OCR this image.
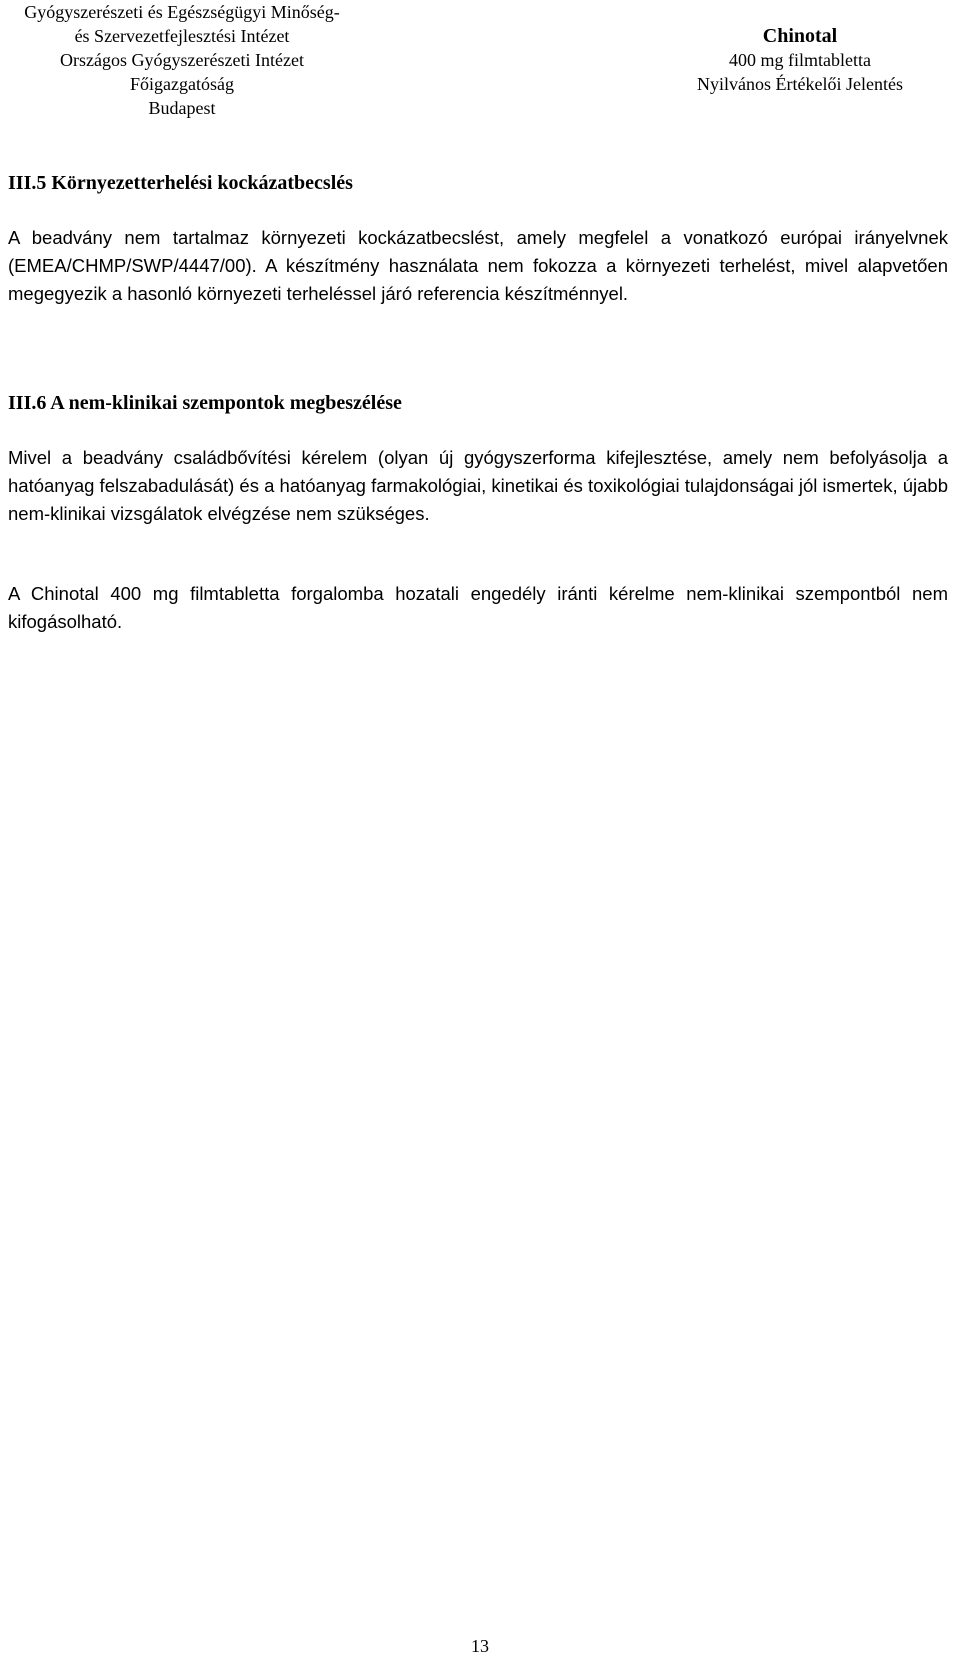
Gyógyszerészeti és Egészségügyi Minőség-
és Szervezetfejlesztési Intézet
Országos Gyógyszerészeti Intézet
Főigazgatóság
Budapest
Chinotal
400 mg filmtabletta
Nyilvános Értékelői Jelentés
III.5 Környezetterhelési kockázatbecslés
A beadvány nem tartalmaz környezeti kockázatbecslést, amely megfelel a vonatkozó európai irányelvnek (EMEA/CHMP/SWP/4447/00). A készítmény használata nem fokozza a környezeti terhelést, mivel alapvetően megegyezik a hasonló környezeti terheléssel járó referencia készítménnyel.
III.6 A nem-klinikai szempontok megbeszélése
Mivel a beadvány családbővítési kérelem (olyan új gyógyszerforma kifejlesztése, amely nem befolyásolja a hatóanyag felszabadulását) és a hatóanyag farmakológiai, kinetikai és toxikológiai tulajdonságai jól ismertek, újabb nem-klinikai vizsgálatok elvégzése nem szükséges.
A Chinotal 400 mg filmtabletta forgalomba hozatali engedély iránti kérelme nem-klinikai szempontból nem kifogásolható.
13
